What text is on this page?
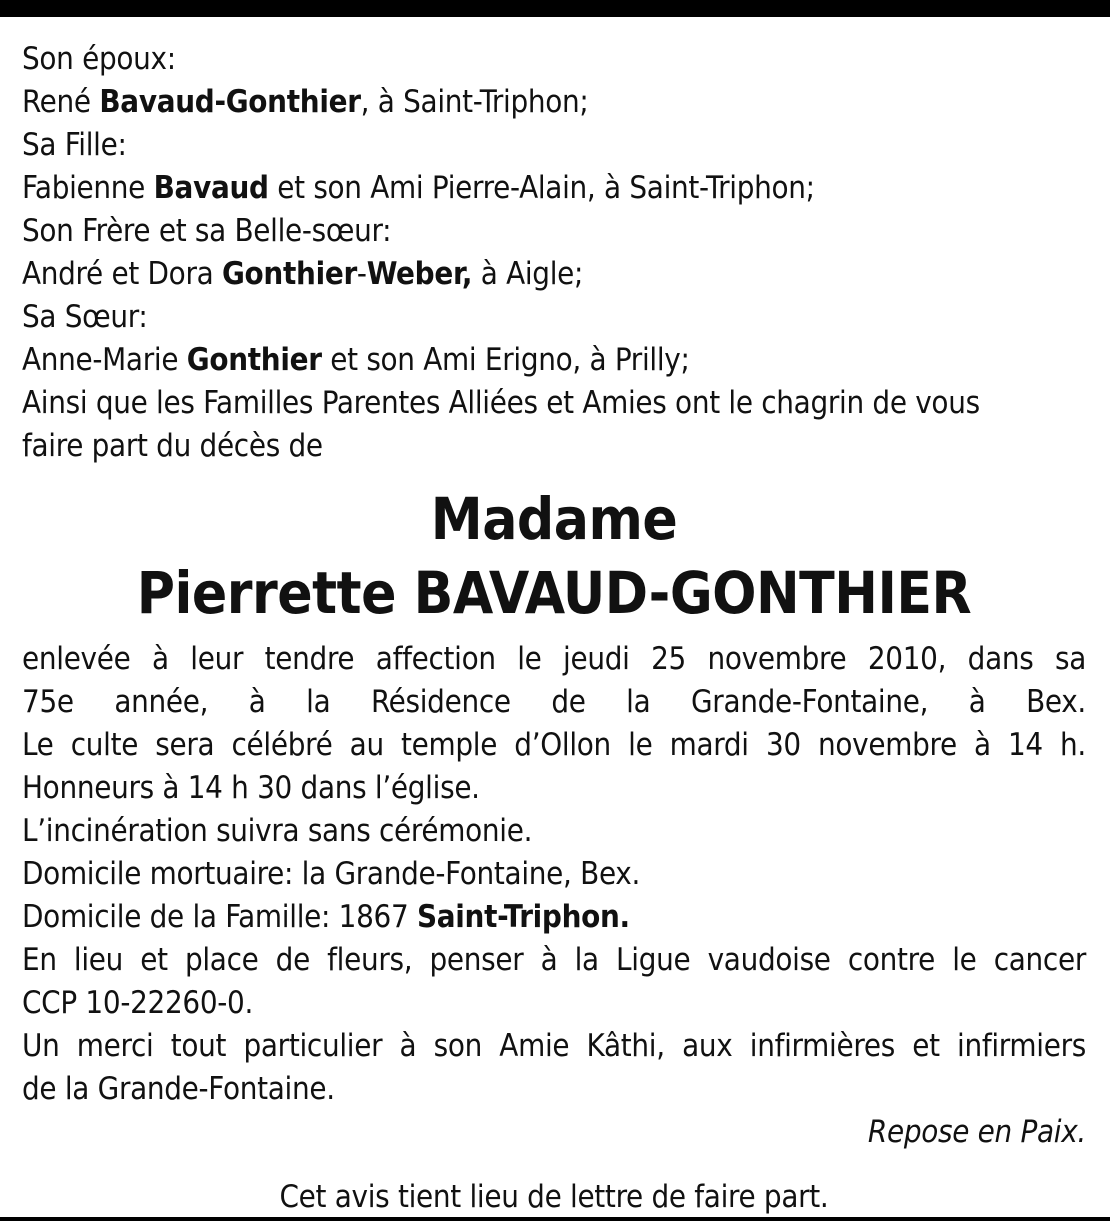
Son époux:
René Bavaud-Gonthier, à Saint-Triphon;
Sa Fille:
Fabienne Bavaud et son Ami Pierre-Alain, à Saint-Triphon;
Son Frère et sa Belle-sœur:
André et Dora Gonthier-Weber, à Aigle;
Sa Sœur:
Anne-Marie Gonthier et son Ami Erigno, à Prilly;
Ainsi que les Familles Parentes Alliées et Amies ont le chagrin de vous
faire part du décès de
Madame
Pierrette BAVAUD-GONTHIER
enlevée à leur tendre affection le jeudi 25 novembre 2010, dans sa
75e année, à la Résidence de la Grande-Fontaine, à Bex.
Le culte sera célébré au temple d’Ollon le mardi 30 novembre à 14 h.
Honneurs à 14 h 30 dans l’église.
L’incinération suivra sans cérémonie.
Domicile mortuaire: la Grande-Fontaine, Bex.
Domicile de la Famille: 1867 Saint-Triphon.
En lieu et place de fleurs, penser à la Ligue vaudoise contre le cancer
CCP 10-22260-0.
Un merci tout particulier à son Amie Kâthi, aux infirmières et infirmiers
de la Grande-Fontaine.
Repose en Paix.
Cet avis tient lieu de lettre de faire part.
